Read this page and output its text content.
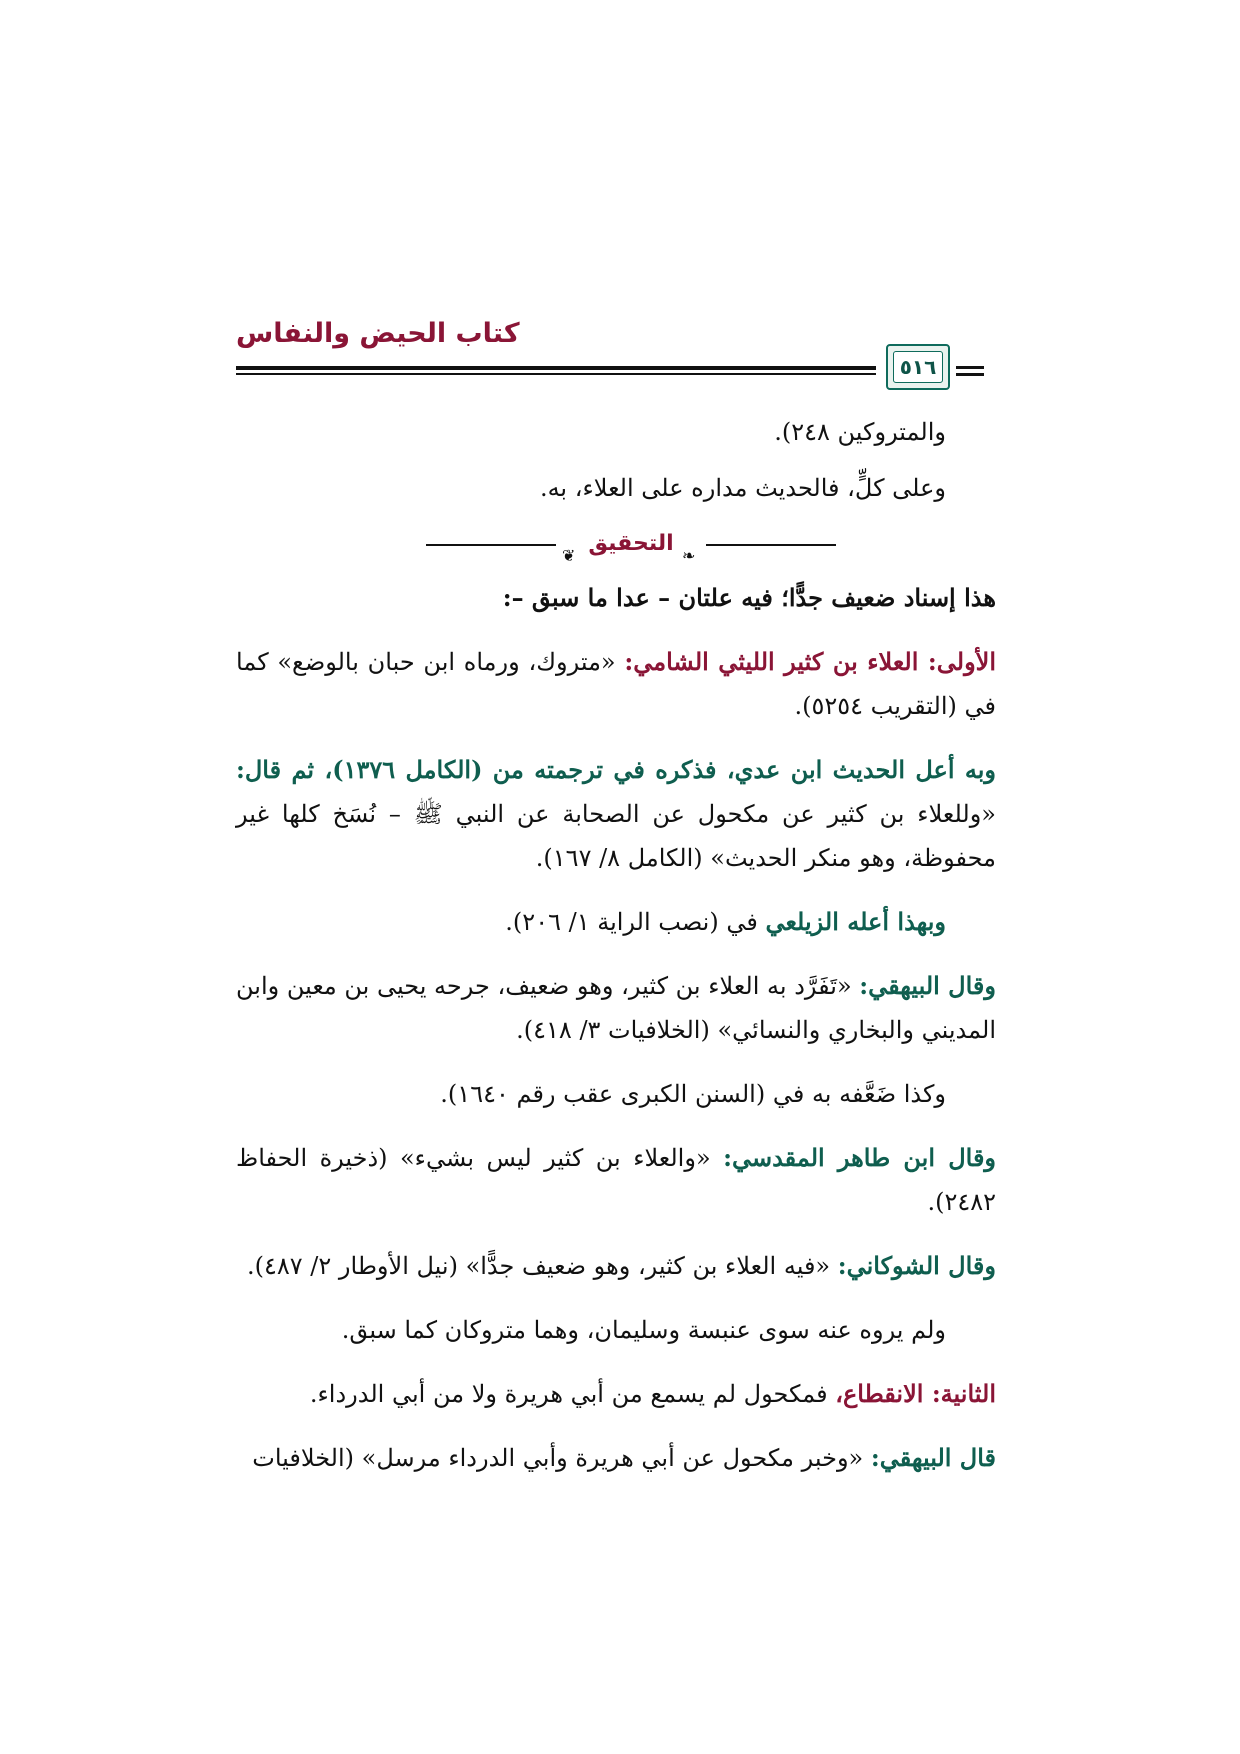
كتاب الحيض والنفاس
٥١٦

والمتروكين ٢٤٨).

وعلى كلٍّ، فالحديث مداره على العلاء، به.

❦ التحقيق ❧

هذا إسناد ضعيف جدًّا؛ فيه علتان – عدا ما سبق –:

الأولى: العلاء بن كثير الليثي الشامي: «متروك، ورماه ابن حبان بالوضع» كما في (التقريب ٥٢٥٤).

وبه أعل الحديث ابن عدي، فذكره في ترجمته من (الكامل ١٣٧٦)، ثم قال: «وللعلاء بن كثير عن مكحول عن الصحابة عن النبي ﷺ – نُسَخ كلها غير محفوظة، وهو منكر الحديث» (الكامل ٨/ ١٦٧).

وبهذا أعله الزيلعي في (نصب الراية ١/ ٢٠٦).

وقال البيهقي: «تَفَرَّد به العلاء بن كثير، وهو ضعيف، جرحه يحيى بن معين وابن المديني والبخاري والنسائي» (الخلافيات ٣/ ٤١٨).

وكذا ضَعَّفه به في (السنن الكبرى عقب رقم ١٦٤٠).

وقال ابن طاهر المقدسي: «والعلاء بن كثير ليس بشيء» (ذخيرة الحفاظ ٢٤٨٢).

وقال الشوكاني: «فيه العلاء بن كثير، وهو ضعيف جدًّا» (نيل الأوطار ٢/ ٤٨٧).

ولم يروه عنه سوى عنبسة وسليمان، وهما متروكان كما سبق.

الثانية: الانقطاع، فمكحول لم يسمع من أبي هريرة ولا من أبي الدرداء.

قال البيهقي: «وخبر مكحول عن أبي هريرة وأبي الدرداء مرسل» (الخلافيات
